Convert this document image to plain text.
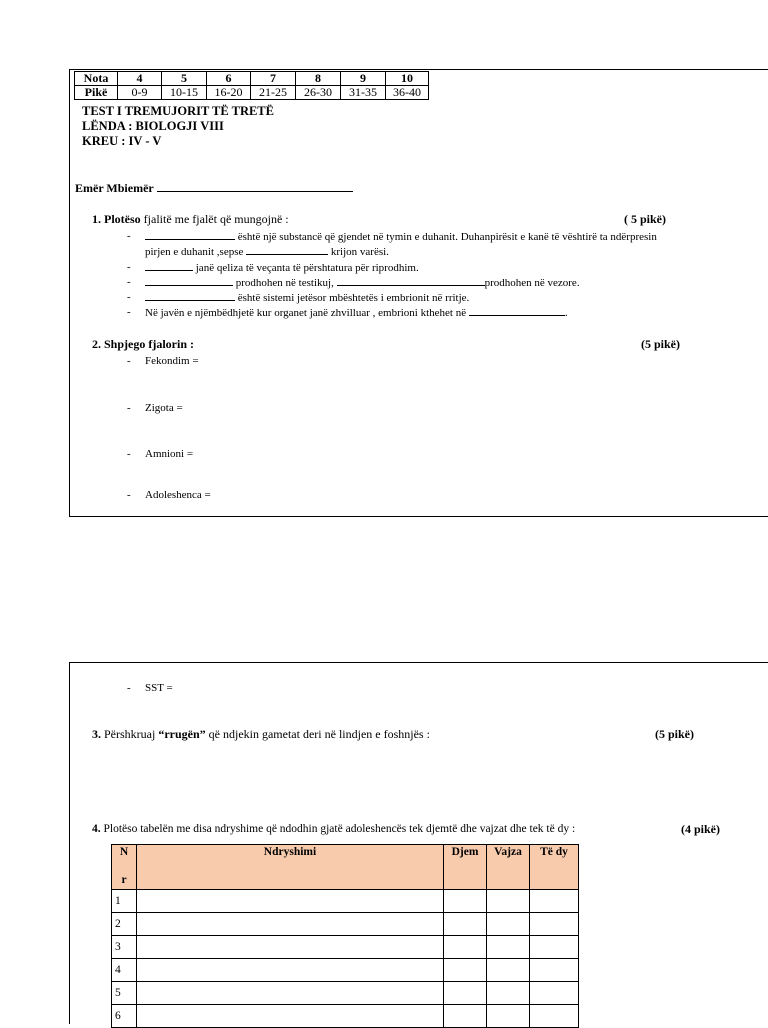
Nota	4	5	6	7	8	9	10
Pikë	0-9	10-15	16-20	21-25	26-30	31-35	36-40
TEST I TREMUJORIT TË TRETË
LËNDA : BIOLOGJI VIII
KREU : IV - V
Emër Mbiemër
1. Plotëso fjalitë me fjalët që mungojnë :	( 5 pikë)
-	është një substancë që gjendet në tymin e duhanit. Duhanpirësit e kanë të vështirë ta ndërpresin
pirjen e duhanit ,sepse	krijon varësi.
-	janë qeliza të veçanta të përshtatura për riprodhim.
-	prodhohen në testikuj,	prodhohen në vezore.
-	është sistemi jetësor mbështetës i embrionit në rritje.
- Në javën e njëmbëdhjetë kur organet janë zhvilluar , embrioni kthehet në	.
2. Shpjego fjalorin :	(5 pikë)
- Fekondim =
- Zigota =
- Amnioni =
- Adoleshenca =
- SST =
3. Përshkruaj “rrugën” që ndjekin gametat deri në lindjen e foshnjës :	(5 pikë)
4. Plotëso tabelën me disa ndryshime që ndodhin gjatë adoleshencës tek djemtë dhe vajzat dhe tek të dy :	(4 pikë)
N

r	Ndryshimi	Djem	Vajza	Të dy
1				
2				
3				
4				
5				
6				
